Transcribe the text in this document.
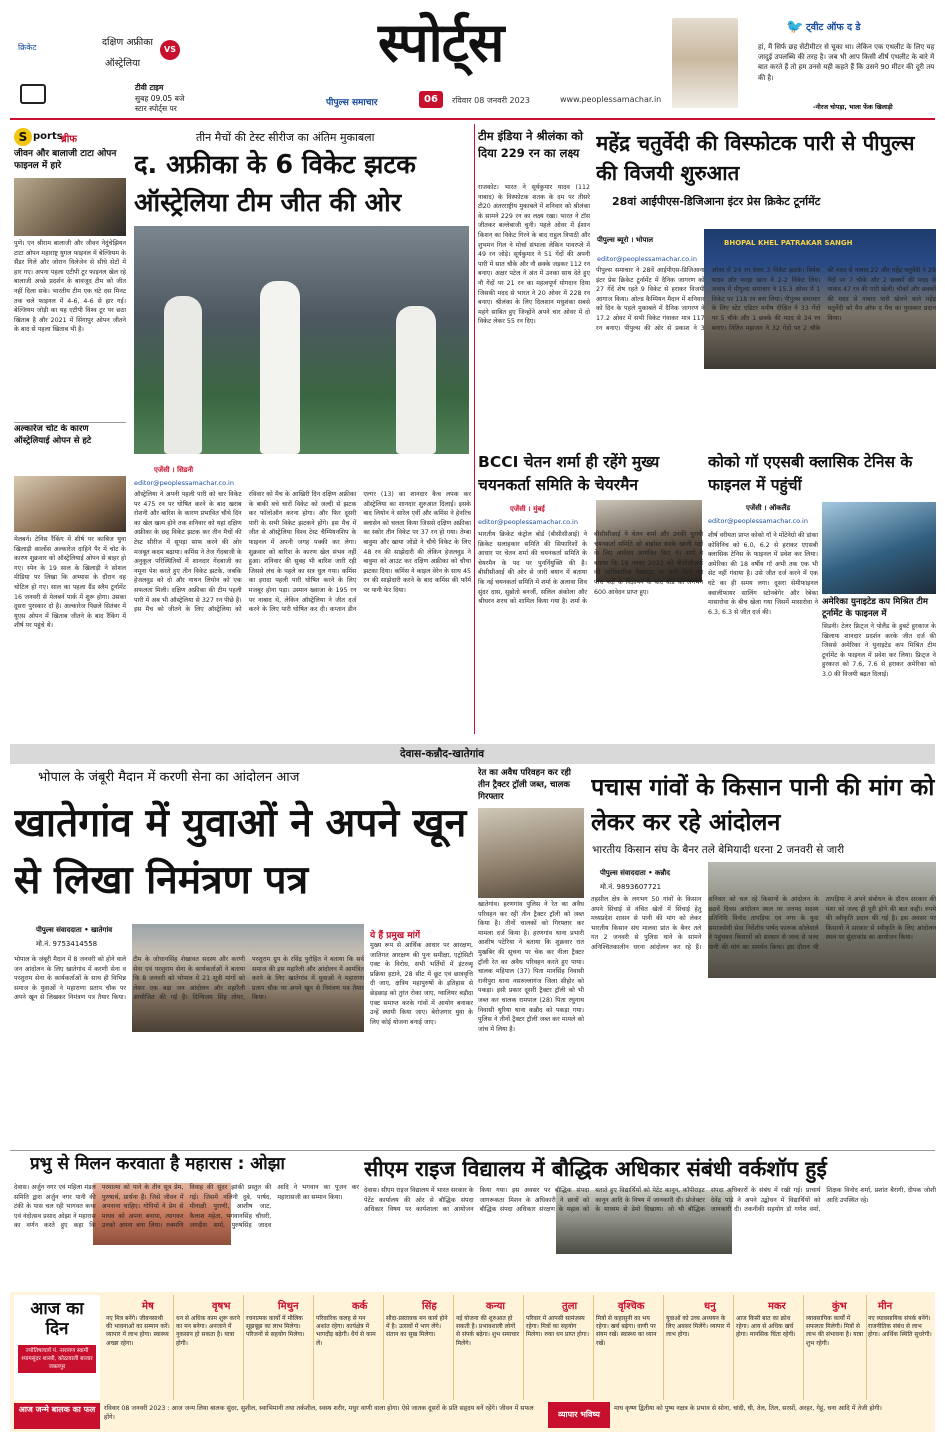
क्रिकेट	दक्षिण अफ्रीका
VS
ऑस्ट्रेलिया
टीवी टाइम
सुबह 09.05 बजे
स्टार स्पोर्ट्स पर
स्पोर्ट्स
पीपुल्स समाचार	06	रविवार 08 जनवरी 2023	www.peoplessamachar.in
🐦 ट्वीट ऑफ द डे
हां, मैं सिर्फ छह सेंटीमीटर से चूका था। लेकिन एक एथलीट के लिए यह जादुई उपलब्धि की तरह है। जब भी आप किसी शीर्ष एथलीट के बारे में बात करते हैं तो हम उनसे यही कहते हैं कि उसने 90 मीटर की दूरी तय की है।
-नीरज चोपड़ा, भाला फेंक खिलाड़ी
S ports
ब्रीफ
जीवन और बालाजी टाटा ओपन फाइनल में हारे
पुणे। एन श्रीराम बालाजी और जीवन नेदुंचेझियन टाटा ओपन महाराष्ट्र युगल फाइनल में बेल्जियम के सैंडर गिले और जोरान विलेजेन से सीधे सेटों में हार गए। अपना पहला एटीपी टूर फाइनल खेल रहे बालाजी अच्छे प्रदर्शन के बावजूद टीम को जीत नहीं दिला सके। भारतीय टीम एक घंटे दस मिनट तक चले फाइनल में 4-6, 4-6 से हार गई। बेल्जियम जोड़ी का यह एटीपी विश्व टूर पर छठा खिताब है और 2021 में सिंगापुर ओपन जीतने के बाद से पहला खिताब भी है।
अल्कारेज चोट के कारण ऑस्ट्रेलियाई ओपन से हटे
मेलबर्न। टेनिस रैंकिंग में शीर्ष पर काबिज युवा खिलाड़ी कार्लोस अल्कारेज दाहिने पैर में चोट के कारण शुक्रवार को ऑस्ट्रेलियाई ओपन से बाहर हो गए। स्पेन के 19 साल के खिलाड़ी ने सोशल मीडिया पर लिखा कि अभ्यास के दौरान वह चोटिल हो गए। साल का पहला ग्रैंड स्लैम टूर्नामेंट 16 जनवरी से मेलबर्न पार्क में शुरू होगा। उसका दूसरा पुरस्कार दो है। अल्कारेज पिछले सितंबर में यूएस ओपन में खिताब जीतने के बाद रैंकिंग में शीर्ष पर पहुंचे थे।
तीन मैचों की टेस्ट सीरीज का अंतिम मुकाबला
द. अफ्रीका के 6 विकेट झटक ऑस्ट्रेलिया टीम जीत की ओर
एजेंसी । सिडनी
editor@peoplessamachar.co.in
ऑस्ट्रेलिया ने अपनी पहली पारी को चार विकेट पर 475 रन पर घोषित करने के बाद खराब रोशनी और बारिश के कारण प्रभावित चौथे दिन का खेल खत्म होने तक शनिवार को यहां दक्षिण अफ्रीका के छह विकेट झटक कर तीन मैचों की टेस्ट सीरीज में सूपड़ा साफ करने की ओर मजबूत कदम बढ़ाया। कमिंस ने तेज गेंदबाजी के अनुकूल परिस्थितियों में शानदार गेंदबाजी का नमूना पेश करते हुए तीन विकेट झटके, जबकि हेजलवुड को दो और नाथन लियोन को एक सफलता मिली। दक्षिण अफ्रीका की टीम पहली पारी में अब भी ऑस्ट्रेलिया से 327 रन पीछे है। इस मैच को जीतने के लिए ऑस्ट्रेलिया को रविवार को मैच के आखिरी दिन दक्षिण अफ्रीका के बाकी बचे चारों विकेट को जल्दी से झटक कर फॉलोऑन करना होगा। और फिर दूसरी पारी के सभी विकेट झटकने होंगे। इस मैच में जीत से ऑस्ट्रेलिया विश्व टेस्ट चैम्पियनशिप के फाइनल में अपनी जगह पक्की कर लेगा। शुक्रवार को बारिश के कारण खेल संभव नहीं हुआ। शनिवार की सुबह भी बारिश जारी रही जिससे लंच के पहले का सत्र धुल गया। कमिंस का इरादा पहली पारी घोषित करने के लिए मजबूर होना पड़ा। उस्मान ख्वाजा के 195 रन पर नाबाद थे, लेकिन ऑस्ट्रेलिया ने जीत दर्ज करने के लिए पारी घोषित कर दी। कप्तान डीन एल्गर (13) का शानदार कैच लपक कर ऑस्ट्रेलिया का शानदार शुरुआत दिलाई। इसके बाद लियोन ने सारेल एर्वी और कमिंस ने हेनरिच क्लासेन को चलता किया जिससे दक्षिण अफ्रीका का स्कोर तीन विकेट पर 37 रन हो गया। तेम्बा बावुमा और खाया जोंडो ने चौथे विकेट के लिए 48 रन की साझेदारी की लेकिन हेजलवुड ने बावुमा को आउट कर दक्षिण अफ्रीका को चौथा झटका दिया। कमिंस ने काइल वेरेन के साथ 45 रन की साझेदारी करने के बाद कमिंस की फॉर्म पर पानी फेर दिया।
टीम इंडिया ने श्रीलंका को दिया 229 रन का लक्ष्य
राजकोट। भारत ने सूर्यकुमार यादव (112 नाबाद) के विस्फोटक शतक के दम पर तीसरे टी20 अंतरराष्ट्रीय मुकाबले में शनिवार को श्रीलंका के सामने 229 रन का लक्ष्य रखा। भारत ने टॉस जीतकर बल्लेबाजी चुनी। पहले ओवर में ईशान किशन का विकेट गिरने के बाद राहुल त्रिपाठी और शुभमन गिल ने मोर्चा संभाला लेकिन पावरप्ले में 49 रन जोड़े। सूर्यकुमार ने 51 गेंदों की अपनी पारी में सात चौके और नौ छक्के जड़कर 112 रन बनाए। अक्षर पटेल ने अंत में उनका साथ देते हुए नौ गेंदों पर 21 रन का महत्वपूर्ण योगदान दिया जिसकी मदद से भारत ने 20 ओवर में 228 रन बनाए। श्रीलंका के लिए दिलशान मधुशंका सबसे महंगे साबित हुए जिन्होंने अपने चार ओवर में दो विकेट लेकर 55 रन दिए।
BCCI चेतन शर्मा ही रहेंगे मुख्य चयनकर्ता समिति के चेयरमैन
एजेंसी । मुंबई
editor@peoplessamachar.co.in
भारतीय क्रिकेट कंट्रोल बोर्ड (बीसीसीआई) ने क्रिकेट सलाहकार समिति की सिफारिशों के आधार पर चेतन शर्मा की चयनकर्ता समिति के चेयरमैन के पद पर पुनर्नियुक्ति की है। बीसीसीआई की ओर से जारी बयान में बताया कि नई चयनकर्ता समिति में शर्मा के अलावा शिव सुंदर दास, सुब्रोतो बनर्जी, सलिल अंकोला और श्रीधरन शरथ को शामिल किया गया है। शर्मा के बीसीसीआई ने चेतन शर्मा और उनकी पुरानी चयनकर्ता समिति को बर्खास्त करके खाली पदों के लिए आवेदन आमंत्रित किए थे। शर्मा ने बताया कि 18 नवंबर 2022 को बीसीसीआई की आधिकारिक वेबसाइट पर जारी किये गये पांच पदों के विज्ञापन के बाद बोर्ड को लगभग 600 आवेदन प्राप्त हुए।
महेंद्र चतुर्वेदी की विस्फोटक पारी से पीपुल्स की विजयी शुरुआत
28वां आईपीएस-डिजिआना इंटर प्रेस क्रिकेट टूर्नामेंट
पीपुल्स ब्यूरो । भोपाल
editor@peoplessamachar.co.in
BHOPAL KHEL PATRAKAR SANGH
पीपुल्स समाचार ने 28वें आईपीएस-डिजिआना इंटर प्रेस क्रिकेट टूर्नामेंट में दैनिक जागरण को 27 गेंदें शेष रहते 9 विकेट से हराकर विजयी आगाज किया। ओल्ड कैम्पियन मैदान में शनिवार को दिन के पहले मुकाबले में दैनिक जागरण ने 17.2 ओवर में सभी विकेट गंवाकर मात्र 117 रन बनाए। पीपुल्स की ओर से प्रकाश ने 3 ओवर में 24 रन देकर 3 विकेट झटके। विवेक यादव और फरहा खान ने 2-2 विकेट लिए। जवाब में पीपुल्स समाचार ने 15.3 ओवर में 1 विकेट पर 118 रन बना लिया। पीपुल्स समाचार के लिए स्टेट एडिटर मनीष दीक्षित ने 33 गेंदों पर 5 चौके और 1 छक्के की मदद से 34 रन बनाए। नितिन महाजन ने 32 गेंदों पर 2 चौके की मदद से नाबाद 22 और महेंद्र चतुर्वेदी ने 29 गेंदों पर 7 चौके और 2 छक्कों की मदद से नाबाद 47 रन की पारी खेली। चौकों और छक्कों की मदद से नाबाद पारी खेलने वाले महेंद्र चतुर्वेदी को मैन ऑफ द मैच का पुरस्कार प्रदान किया।
कोको गॉ एएसबी क्लासिक टेनिस के फाइनल में पहुंचीं
एजेंसी । ऑकलैंड
editor@peoplessamachar.co.in
शीर्ष वरीयता प्राप्त कोको गॉ ने मोंटेनेग्रो की डांका कोविनिच को 6.0, 6.2 से हराकर एएसबी क्लासिक टेनिस के फाइनल में प्रवेश कर लिया। अमेरिका की 18 वर्षीय गॉ अभी तक एक भी सेट नहीं गंवाया है। उसे जीत दर्ज करने में एक घंटे का ही समय लगा। दूसरा सेमीफाइनल क्वालीफायर सालिंग स्टोनबेगेर और रेबेका मासारोवा के बीच खेला गया जिसमें मासारोवा ने 6.3, 6.3 से जीत दर्ज की।
अमेरिका युनाइटेड कप मिश्रित टीम टूर्नामेंट के फाइनल में
सिडनी। टेलर फ्रिट्ज ने पोलैंड के हुबर्ट हुरकाज के खिलाफ शानदार प्रदर्शन करके जीत दर्ज की जिससे अमेरिका ने युनाइटेड कप मिश्रित टीम टूर्नामेंट के फाइनल में प्रवेश कर लिया। फ्रिट्ज ने हुरकाज को 7.6, 7.6 से हराकर अमेरिका को 3.0 की विजयी बढ़त दिलाई।
देवास-कन्नौद-खातेगांव
भोपाल के जंबूरी मैदान में करणी सेना का आंदोलन आज
खातेगांव में युवाओं ने अपने खून से लिखा निमंत्रण पत्र
पीपुल्स संवाददाता • खातेगांव
मो.नं. 9753414558
भोपाल के जंबूरी मैदान में 8 जनवरी को होने वाले जन आंदोलन के लिए खातेगांव में करणी सेना व परशुराम सेना के कार्यकर्ताओं के साथ ही विभिन्न समाज के युवाओं ने महाराणा प्रताप चौक पर अपने खून से लिखकर निमंत्रण पत्र तैयार किया। टीम के जोधानसिंह शेखावत सदस्य और करणी सेना एवं परशुराम सेना के कार्यकर्ताओं ने बताया कि 8 जनवरी को भोपाल में 21 सूत्री मांगों को लेकर एक बड़ा जन आंदोलन और महारैली आयोजित की गई है। दिग्विजय सिंह तोमर, परशुराम ग्रुप के रविंद्र पुरोहित ने बताया कि सर्व समाज की इस महारैली और आंदोलन में आमंत्रित करने के लिए खातेगांव में युवाओं ने महाराणा प्रताप चौक पर अपने खून से निमंत्रण पत्र तैयार किया।
ये हैं प्रमुख मांगें
मुख्य रूप से आर्थिक आधार पर आरक्षण, जातिगत आरक्षण की पुनः समीक्षा, एट्रोसिटी एक्ट के विरोध, सभी भर्तियों में इंटरव्यू प्रक्रिया हटाने, 28 सीट में छूट एवं छात्रवृत्ति दी जाए, क्षत्रिय महापुरुषों के इतिहास से छेड़छाड़ को तुरंत रोका जाए, ग्वालियर बड़ौदा एक्ट समाप्त करके गांवों में आयोग बनाकर उन्हें स्थायी किया जाए। बेरोजगार युवा के लिए कोई योजना बनाई जाए।
रेत का अवैध परिवहन कर रही तीन ट्रैक्टर ट्रॉली जब्त, चालक गिरफ्तार
खातेगांव। हरणगांव पुलिस ने रेत का अवैध परिवहन कर रही तीन ट्रैक्टर ट्रॉली को जब्त किया है। तीनों चालकों को गिरफ्तार कर मामला दर्ज किया है। हरणगांव थाना प्रभारी आशीष पटेरिया ने बताया कि शुक्रवार रात मुखबिर की सूचना पर चेक कर नीला ट्रैक्टर ट्रॉली रेत का अवैध परिवहन करते हुए पाया। चालक महिपाल (37) पिता मानसिंह निवासी रानीपुरा थाना नसरुल्लागंज जिला सीहोर को पकड़ा। इसी प्रकार दूसरी ट्रैक्टर ट्रॉली को भी जब्त कर चालक रामपाल (28) पिता रघुनाथ निवासी थुरिया थाना कन्नौद को पकड़ा गया। पुलिस ने तीनों ट्रैक्टर ट्रॉली जब्त कर मामले को जांच में लिया है।
पचास गांवों के किसान पानी की मांग को लेकर कर रहे आंदोलन
भारतीय किसान संघ के बैनर तले बेमियादी धरना 2 जनवरी से जारी
पीपुल्स संवाददाता • कन्नौद
मो.नं. 9893607721
तहसील क्षेत्र के लगभग 50 गांवों के किसान अपने सिंचाई से वंचित खेतों में सिंचाई हेतु मध्यप्रदेश शासन से पानी की मांग को लेकर भारतीय किसान संघ मालवा प्रांत के बैनर तले गत 2 जनवरी से पुलिस थाने के सामने अनिश्चितकालीन धरना आंदोलन कर रहे हैं। शनिवार को चल रहे किसानों के आंदोलन के छठवें दिवस आंदोलन स्थल पर जनपद सदस्य प्रतिनिधि विनोद तापड़िया एवं नगर के युवा समाजसेवी सेवा निर्देशीय पार्षद फारूक कोलेवाले ने पहुंचकर किसानों को सरकार से जल्द से जल्द पानी की मांग का समर्थन किया। इस दौरान श्री तापड़िया ने अपने संबोधन के दौरान सरकार की मंशा को जल्द ही पूरी होने की बात कही। रुपये की स्वीकृति प्रदान की गई है। इस अवसर पर किसानों ने सरकार से स्वीकृति के लिए आंदोलन स्थल पर सुंदरकांड का आयोजन किया।
प्रभु से मिलन करवाता है महारास : ओझा
देवास। अर्जुन नगर एवं महिला मंडल समिति द्वारा अर्जुन नगर पानी की टंकी के पास चल रही भागवत कथा एवं नंदोत्सव प्रसाद ओझा ने महारास का वर्णन करते हुए कहा कि परमात्मा को पाने के तीन सूत्र प्रेम, पुरुषार्थ, प्रार्थना हैं। जिसे जीवन में अपनाना चाहिए। गोपियों ने प्रेम से माधव को अपना बनाया, त्यागकर उनको अपना बना लिया। रुक्मणि विवाह की सुंदर झांकी प्रस्तुत की गई। जिसमें नलिनी दुबे, पार्षद, मीनाक्षी पुराणी, आशीष जाट, कैलाश महेता, भगवानसिंह चौधरी, जगदीश शर्मा, पुरुषसिंह जादव आदि ने भगवान का पूजन कर महारासजी का सम्मान किया।
सीएम राइज विद्यालय में बौद्धिक अधिकार संबंधी वर्कशॉप हुई
देवास। सीएम राइज विद्यालय में भारत सरकार के पेटेंट कार्यालय की ओर से बौद्धिक संपदा अधिकार विषय पर कार्यशाला का आयोजन किया गया। इस अवसर पर बौद्धिक संपदा जागरूकता मिशन के अधिकारी ने छात्रों को बौद्धिक संपदा अधिकार संरक्षण के महत्व को बताते हुए विद्यार्थियों को पेटेंट कानून, कॉपीराइट कानून आदि के विषय में जानकारी दी। प्रोजेक्टर के माध्यम से डेमो दिखाया। जो भी बौद्धिक संपदा अधिकारों के संबंध में रखी गई। प्राचार्य देवेंद्र पांडे ने अपने उद्बोधन में विद्यार्थियों को जानकारी दी। तकनीकी सहयोग डॉ गणेश वर्मा, शिक्षक विनोद शर्मा, प्रशांत बैरागी, दीपक जोशी आदि उपस्थित रहे।
आज का दिन
ज्योतिषाचार्य पं. नारायण स्वामी श्यामसुंदर शास्त्री, कोठावाली बाजार जबलपुर
आज जन्मे बालक का फल
मेष
नए मित्र बनेंगे। जीवनसाथी की भावनाओं का सम्मान करें। व्यापार में लाभ होगा। स्वास्थ्य अच्छा रहेगा।
वृषभ
धन से अधिक काम शुरू करने का मन बनेगा। अनजाने में नुकसान हो सकता है। यात्रा होगी।
मिथुन
रचनात्मक कार्यों में मौलिक सूझबूझ का लाभ मिलेगा। परिजनों से सहयोग मिलेगा।
कर्क
परिवारिक कलह से मन अशांत रहेगा। कार्यक्षेत्र में भागदौड़ बढ़ेगी। धैर्य से काम लें।
सिंह
सौदा-प्रस्तावक मन कार्य होने में है। उत्सवों में भाग लेंगे। संतान का सुख मिलेगा।
कन्या
नई योजना की शुरुआत हो सकती है। प्रभावशाली लोगों से संपर्क बढ़ेगा। शुभ समाचार मिलेंगे।
तुला
परिवार में आपसी सामंजस्य रहेगा। मित्रों का सहयोग मिलेगा। रुका धन प्राप्त होगा।
वृश्चिक
मित्रों से कहासुनी का भय रहेगा। खर्च बढ़ेगा। वाणी पर संयम रखें। स्वास्थ्य का ध्यान रखें।
धनु
युवाओं को उच्च अध्ययन के लिए अवसर मिलेंगे। व्यापार में लाभ होगा।
मकर
आज किसी बात का क्रोध रहेगा। आय से अधिक खर्च होगा। मानसिक चिंता रहेगी।
कुंभ
व्यावसायिक कार्यों में सफलता मिलेगी। मित्रों से लाभ की संभावना है। यात्रा शुभ रहेगी।
मीन
नए व्यावसायिक संपर्क बनेंगे। राजनीतिक संबंध से लाभ होगा। आर्थिक स्थिति सुधरेगी।
रविवार 08 जनवरी 2023 : आज जन्म लिया बालक सुंदर, सुशील, स्वाभिमानी तथा तर्कशील, स्वस्थ शरीर, मधुर वाणी वाला होगा। ऐसे जातक दूसरों के प्रति सहृदय बनें रहेंगे। जीवन में सफल होंगे।	व्यापार भविष्य
माघ कृष्ण द्वितीया को पुष्य नक्षत्र के प्रभाव से सोना, चांदी, घी, तेल, तिल, सरसों, अरहर, गेहूं, चना आदि में तेजी होगी।
